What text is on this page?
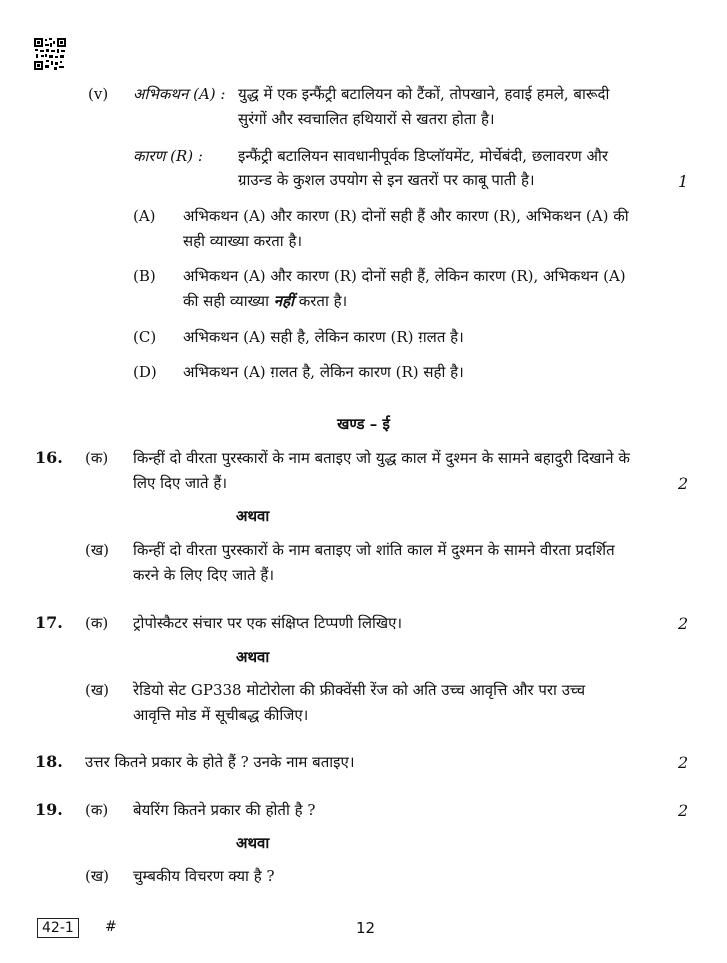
(v) अभिकथन (A) : युद्ध में एक इन्फैंट्री बटालियन को टैंकों, तोपखाने, हवाई हमले, बारूदी
सुरंगों और स्वचालित हथियारों से खतरा होता है।
कारण (R) : इन्फैंट्री बटालियन सावधानीपूर्वक डिप्लॉयमेंट, मोर्चेबंदी, छलावरण और
ग्राउन्ड के कुशल उपयोग से इन खतरों पर काबू पाती है।	1
(A) अभिकथन (A) और कारण (R) दोनों सही हैं और कारण (R), अभिकथन (A) की
सही व्याख्या करता है।
(B) अभिकथन (A) और कारण (R) दोनों सही हैं, लेकिन कारण (R), अभिकथन (A)
की सही व्याख्या नहीं करता है।
(C) अभिकथन (A) सही है, लेकिन कारण (R) ग़लत है।
(D) अभिकथन (A) ग़लत है, लेकिन कारण (R) सही है।
खण्ड – ई
16. (क) किन्हीं दो वीरता पुरस्कारों के नाम बताइए जो युद्ध काल में दुश्मन के सामने बहादुरी दिखाने के
लिए दिए जाते हैं।	2
अथवा
(ख) किन्हीं दो वीरता पुरस्कारों के नाम बताइए जो शांति काल में दुश्मन के सामने वीरता प्रदर्शित
करने के लिए दिए जाते हैं।
17. (क) ट्रोपोस्कैटर संचार पर एक संक्षिप्त टिप्पणी लिखिए।	2
अथवा
(ख) रेडियो सेट GP338 मोटोरोला की फ्रीक्वेंसी रेंज को अति उच्च आवृत्ति और परा उच्च
आवृत्ति मोड में सूचीबद्ध कीजिए।
18. उत्तर कितने प्रकार के होते हैं ? उनके नाम बताइए।	2
19. (क) बेयरिंग कितने प्रकार की होती है ?	2
अथवा
(ख) चुम्बकीय विचरण क्या है ?
42-1	#	12
